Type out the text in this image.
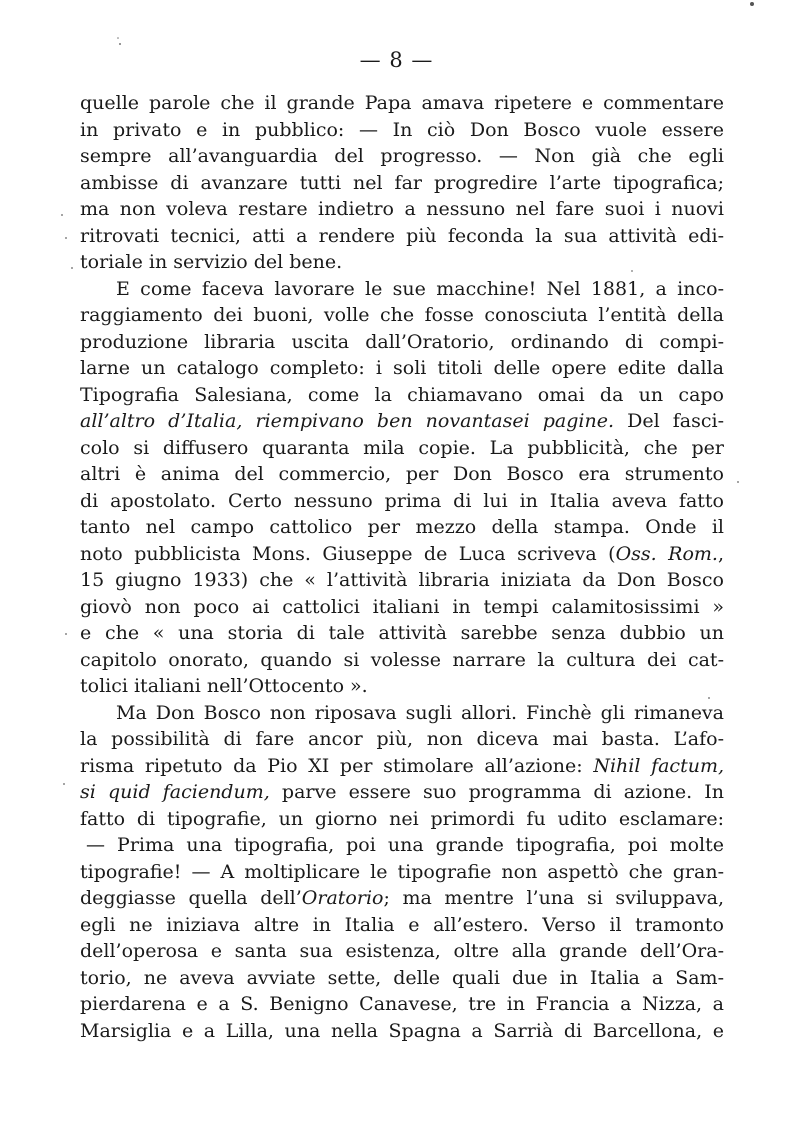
— 8 —
quelle parole che il grande Papa amava ripetere e commentare
in privato e in pubblico: — In ciò Don Bosco vuole essere
sempre all’avanguardia del progresso. — Non già che egli
ambisse di avanzare tutti nel far progredire l’arte tipografica;
ma non voleva restare indietro a nessuno nel fare suoi i nuovi
ritrovati tecnici, atti a rendere più feconda la sua attività edi-
toriale in servizio del bene.
E come faceva lavorare le sue macchine! Nel 1881, a inco-
raggiamento dei buoni, volle che fosse conosciuta l’entità della
produzione libraria uscita dall’Oratorio, ordinando di compi-
larne un catalogo completo: i soli titoli delle opere edite dalla
Tipografia Salesiana, come la chiamavano omai da un capo
all’altro d’Italia, riempivano ben novantasei pagine. Del fasci-
colo si diffusero quaranta mila copie. La pubblicità, che per
altri è anima del commercio, per Don Bosco era strumento
di apostolato. Certo nessuno prima di lui in Italia aveva fatto
tanto nel campo cattolico per mezzo della stampa. Onde il
noto pubblicista Mons. Giuseppe de Luca scriveva (Oss. Rom.,
15 giugno 1933) che « l’attività libraria iniziata da Don Bosco
giovò non poco ai cattolici italiani in tempi calamitosissimi »
e che « una storia di tale attività sarebbe senza dubbio un
capitolo onorato, quando si volesse narrare la cultura dei cat-
tolici italiani nell’Ottocento ».
Ma Don Bosco non riposava sugli allori. Finchè gli rimaneva
la possibilità di fare ancor più, non diceva mai basta. L’afo-
risma ripetuto da Pio XI per stimolare all’azione: Nihil factum,
si quid faciendum, parve essere suo programma di azione. In
fatto di tipografie, un giorno nei primordi fu udito esclamare:
— Prima una tipografia, poi una grande tipografia, poi molte
tipografie! — A moltiplicare le tipografie non aspettò che gran-
deggiasse quella dell’Oratorio; ma mentre l’una si sviluppava,
egli ne iniziava altre in Italia e all’estero. Verso il tramonto
dell’operosa e santa sua esistenza, oltre alla grande dell’Ora-
torio, ne aveva avviate sette, delle quali due in Italia a Sam-
pierdarena e a S. Benigno Canavese, tre in Francia a Nizza, a
Marsiglia e a Lilla, una nella Spagna a Sarrià di Barcellona, e
